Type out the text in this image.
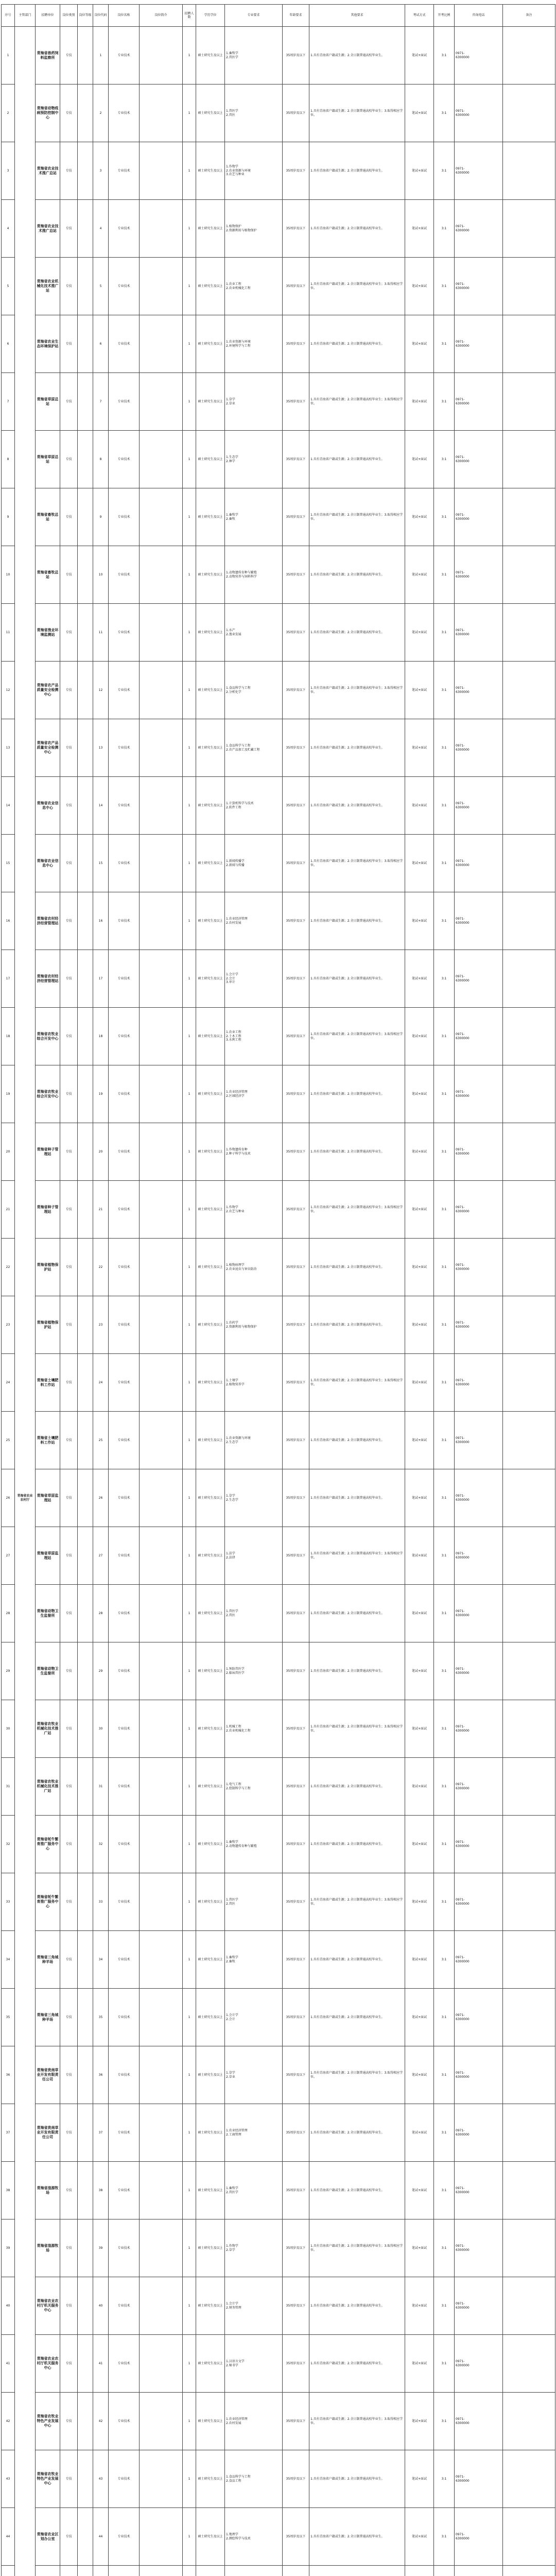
序号	主管部门	招聘单位	岗位类别	岗位等级	岗位代码	岗位名称	岗位简介	招聘人数	学历学位	专业要求	年龄要求	其他要求	考试方式	开考比例	咨询电话	备注
1	青海省农业农村厅	青海省兽药饲料监察所	专技		1	专业技术		1	硕士研究生及以上	1.畜牧学
2.兽医学	35周岁及以下	1.具有青海省户籍或生源；2.全日制普通高校毕业生。	笔试+面试	3:1	0971-
6300000	

2		青海省动物疫病预防控制中心	专技		2	专业技术		1	硕士研究生及以上	1.兽医学
2.兽医	35周岁及以下	1.具有青海省户籍或生源；2.全日制普通高校毕业生；3.取得相应学位。	笔试+面试	3:1	0971-
6300000	

3		青海省农业技术推广总站	专技		3	专业技术		1	硕士研究生及以上	1.作物学
2.农业资源与环境
3.农艺与种业	35周岁及以下	1.具有青海省户籍或生源；2.全日制普通高校毕业生。	笔试+面试	3:1	0971-
6300000	

4		青海省农业技术推广总站	专技		4	专业技术		1	硕士研究生及以上	1.植物保护
2.资源利用与植物保护	35周岁及以下	1.具有青海省户籍或生源；2.全日制普通高校毕业生。	笔试+面试	3:1	0971-
6300000	

5		青海省农业机械化技术推广站	专技		5	专业技术		1	硕士研究生及以上	1.农业工程
2.农业机械化工程	35周岁及以下	1.具有青海省户籍或生源；2.全日制普通高校毕业生；3.取得相应学位。	笔试+面试	3:1	0971-
6300000	

6		青海省农业生态环境保护站	专技		6	专业技术		1	硕士研究生及以上	1.农业资源与环境
2.环境科学与工程	35周岁及以下	1.具有青海省户籍或生源；2.全日制普通高校毕业生。	笔试+面试	3:1	0971-
6300000	

7		青海省草原总站	专技		7	专业技术		1	硕士研究生及以上	1.草学
2.草业	35周岁及以下	1.具有青海省户籍或生源；2.全日制普通高校毕业生；3.取得相应学位。	笔试+面试	3:1	0971-
6300000	

8		青海省草原总站	专技		8	专业技术		1	硕士研究生及以上	1.生态学
2.林学	35周岁及以下	1.具有青海省户籍或生源；2.全日制普通高校毕业生。	笔试+面试	3:1	0971-
6300000	

9		青海省畜牧总站	专技		9	专业技术		1	硕士研究生及以上	1.畜牧学
2.畜牧	35周岁及以下	1.具有青海省户籍或生源；2.全日制普通高校毕业生；3.取得相应学位。	笔试+面试	3:1	0971-
6300000	

10		青海省畜牧总站	专技		10	专业技术		1	硕士研究生及以上	1.动物遗传育种与繁殖
2.动物营养与饲料科学	35周岁及以下	1.具有青海省户籍或生源；2.全日制普通高校毕业生。	笔试+面试	3:1	0971-
6300000	

11		青海省渔业环境监测站	专技		11	专业技术		1	硕士研究生及以上	1.水产
2.渔业发展	35周岁及以下	1.具有青海省户籍或生源；2.全日制普通高校毕业生。	笔试+面试	3:1	0971-
6300000	

12		青海省农产品质量安全检测中心	专技		12	专业技术		1	硕士研究生及以上	1.食品科学与工程
2.分析化学	35周岁及以下	1.具有青海省户籍或生源；2.全日制普通高校毕业生；3.取得相应学位。	笔试+面试	3:1	0971-
6300000	

13		青海省农产品质量安全检测中心	专技		13	专业技术		1	硕士研究生及以上	1.食品科学与工程
2.农产品加工及贮藏工程	35周岁及以下	1.具有青海省户籍或生源；2.全日制普通高校毕业生。	笔试+面试	3:1	0971-
6300000	

14		青海省农业信息中心	专技		14	专业技术		1	硕士研究生及以上	1.计算机科学与技术
2.软件工程	35周岁及以下	1.具有青海省户籍或生源；2.全日制普通高校毕业生。	笔试+面试	3:1	0971-
6300000	

15		青海省农业信息中心	专技		15	专业技术		1	硕士研究生及以上	1.新闻传播学
2.新闻与传播	35周岁及以下	1.具有青海省户籍或生源；2.全日制普通高校毕业生；3.取得相应学位。	笔试+面试	3:1	0971-
6300000	

16		青海省农村经济经营管理站	专技		16	专业技术		1	硕士研究生及以上	1.农业经济管理
2.农村发展	35周岁及以下	1.具有青海省户籍或生源；2.全日制普通高校毕业生。	笔试+面试	3:1	0971-
6300000	

17		青海省农村经济经营管理站	专技		17	专业技术		1	硕士研究生及以上	1.会计学
2.会计
3.审计	35周岁及以下	1.具有青海省户籍或生源；2.全日制普通高校毕业生。	笔试+面试	3:1	0971-
6300000	

18		青海省农牧业综合开发中心	专技		18	专业技术		1	硕士研究生及以上	1.农业工程
2.土木工程
3.水利工程	35周岁及以下	1.具有青海省户籍或生源；2.全日制普通高校毕业生；3.取得相应学位。	笔试+面试	3:1	0971-
6300000	

19		青海省农牧业综合开发中心	专技		19	专业技术		1	硕士研究生及以上	1.农业经济管理
2.区域经济学	35周岁及以下	1.具有青海省户籍或生源；2.全日制普通高校毕业生。	笔试+面试	3:1	0971-
6300000	

20		青海省种子管理站	专技		20	专业技术		1	硕士研究生及以上	1.作物遗传育种
2.种子科学与技术	35周岁及以下	1.具有青海省户籍或生源；2.全日制普通高校毕业生。	笔试+面试	3:1	0971-
6300000	

21		青海省种子管理站	专技		21	专业技术		1	硕士研究生及以上	1.作物学
2.农艺与种业	35周岁及以下	1.具有青海省户籍或生源；2.全日制普通高校毕业生；3.取得相应学位。	笔试+面试	3:1	0971-
6300000	

22		青海省植物保护站	专技		22	专业技术		1	硕士研究生及以上	1.植物病理学
2.农业昆虫与害虫防治	35周岁及以下	1.具有青海省户籍或生源；2.全日制普通高校毕业生。	笔试+面试	3:1	0971-
6300000	

23		青海省植物保护站	专技		23	专业技术		1	硕士研究生及以上	1.农药学
2.资源利用与植物保护	35周岁及以下	1.具有青海省户籍或生源；2.全日制普通高校毕业生。	笔试+面试	3:1	0971-
6300000	

24		青海省土壤肥料工作站	专技		24	专业技术		1	硕士研究生及以上	1.土壤学
2.植物营养学	35周岁及以下	1.具有青海省户籍或生源；2.全日制普通高校毕业生；3.取得相应学位。	笔试+面试	3:1	0971-
6300000	

25		青海省土壤肥料工作站	专技		25	专业技术		1	硕士研究生及以上	1.农业资源与环境
2.生态学	35周岁及以下	1.具有青海省户籍或生源；2.全日制普通高校毕业生。	笔试+面试	3:1	0971-
6300000	

26		青海省草原监理站	专技		26	专业技术		1	硕士研究生及以上	1.草学
2.生态学	35周岁及以下	1.具有青海省户籍或生源；2.全日制普通高校毕业生。	笔试+面试	3:1	0971-
6300000	

27		青海省草原监理站	专技		27	专业技术		1	硕士研究生及以上	1.法学
2.法律	35周岁及以下	1.具有青海省户籍或生源；2.全日制普通高校毕业生；3.取得相应学位。	笔试+面试	3:1	0971-
6300000	

28		青海省动物卫生监督所	专技		28	专业技术		1	硕士研究生及以上	1.兽医学
2.兽医	35周岁及以下	1.具有青海省户籍或生源；2.全日制普通高校毕业生。	笔试+面试	3:1	0971-
6300000	

29		青海省动物卫生监督所	专技		29	专业技术		1	硕士研究生及以上	1.预防兽医学
2.临床兽医学	35周岁及以下	1.具有青海省户籍或生源；2.全日制普通高校毕业生。	笔试+面试	3:1	0971-
6300000	

30		青海省农牧业机械化技术推广站	专技		30	专业技术		1	硕士研究生及以上	1.机械工程
2.农业机械化工程	35周岁及以下	1.具有青海省户籍或生源；2.全日制普通高校毕业生；3.取得相应学位。	笔试+面试	3:1	0971-
6300000	

31		青海省农牧业机械化技术推广站	专技		31	专业技术		1	硕士研究生及以上	1.电气工程
2.控制科学与工程	35周岁及以下	1.具有青海省户籍或生源；2.全日制普通高校毕业生。	笔试+面试	3:1	0971-
6300000	

32		青海省牦牛繁育推广服务中心	专技		32	专业技术		1	硕士研究生及以上	1.畜牧学
2.动物遗传育种与繁殖	35周岁及以下	1.具有青海省户籍或生源；2.全日制普通高校毕业生。	笔试+面试	3:1	0971-
6300000	

33		青海省牦牛繁育推广服务中心	专技		33	专业技术		1	硕士研究生及以上	1.兽医学
2.兽医	35周岁及以下	1.具有青海省户籍或生源；2.全日制普通高校毕业生；3.取得相应学位。	笔试+面试	3:1	0971-
6300000	

34		青海省三角城种羊场	专技		34	专业技术		1	硕士研究生及以上	1.畜牧学
2.畜牧	35周岁及以下	1.具有青海省户籍或生源；2.全日制普通高校毕业生。	笔试+面试	3:1	0971-
6300000	

35		青海省三角城种羊场	专技		35	专业技术		1	硕士研究生及以上	1.会计学
2.会计	35周岁及以下	1.具有青海省户籍或生源；2.全日制普通高校毕业生。	笔试+面试	3:1	0971-
6300000	

36		青海省贵南草业开发有限责任公司	专技		36	专业技术		1	硕士研究生及以上	1.草学
2.草业	35周岁及以下	1.具有青海省户籍或生源；2.全日制普通高校毕业生；3.取得相应学位。	笔试+面试	3:1	0971-
6300000	

37		青海省贵南草业开发有限责任公司	专技		37	专业技术		1	硕士研究生及以上	1.农业经济管理
2.工商管理	35周岁及以下	1.具有青海省户籍或生源；2.全日制普通高校毕业生。	笔试+面试	3:1	0971-
6300000	

38		青海省湟源牧场	专技		38	专业技术		1	硕士研究生及以上	1.畜牧学
2.兽医学	35周岁及以下	1.具有青海省户籍或生源；2.全日制普通高校毕业生。	笔试+面试	3:1	0971-
6300000	

39		青海省湟源牧场	专技		39	专业技术		1	硕士研究生及以上	1.作物学
2.草学	35周岁及以下	1.具有青海省户籍或生源；2.全日制普通高校毕业生；3.取得相应学位。	笔试+面试	3:1	0971-
6300000	

40		青海省农业农村厅机关服务中心	专技		40	专业技术		1	硕士研究生及以上	1.会计学
2.财务管理	35周岁及以下	1.具有青海省户籍或生源；2.全日制普通高校毕业生。	笔试+面试	3:1	0971-
6300000	

41		青海省农业农村厅机关服务中心	专技		41	专业技术		1	硕士研究生及以上	1.汉语言文学
2.秘书学	35周岁及以下	1.具有青海省户籍或生源；2.全日制普通高校毕业生。	笔试+面试	3:1	0971-
6300000	

42		青海省农牧业特色产业发展中心	专技		42	专业技术		1	硕士研究生及以上	1.农业经济管理
2.农村发展	35周岁及以下	1.具有青海省户籍或生源；2.全日制普通高校毕业生；3.取得相应学位。	笔试+面试	3:1	0971-
6300000	

43		青海省农牧业特色产业发展中心	专技		43	专业技术		1	硕士研究生及以上	1.食品科学与工程
2.食品工程	35周岁及以下	1.具有青海省户籍或生源；2.全日制普通高校毕业生。	笔试+面试	3:1	0971-
6300000	

44		青海省农业区划办公室	专技		44	专业技术		1	硕士研究生及以上	1.地理学
2.测绘科学与技术	35周岁及以下	1.具有青海省户籍或生源；2.全日制普通高校毕业生。	笔试+面试	3:1	0971-
6300000	
